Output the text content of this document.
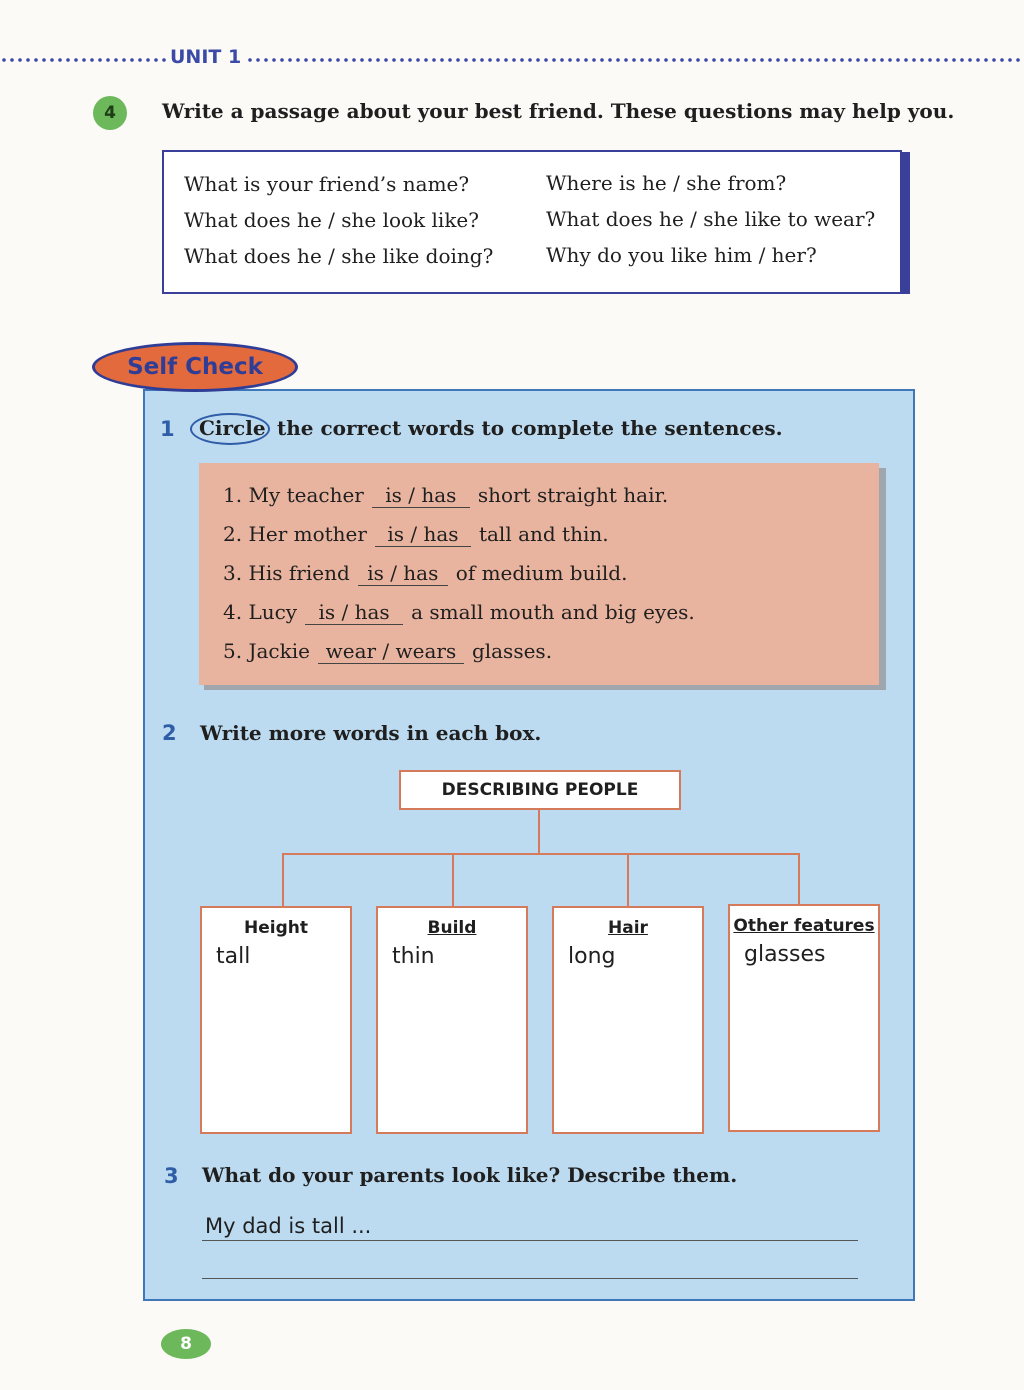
UNIT 1
4	Write a passage about your best friend. These questions may help you.
What is your friend’s name?
What does he / she look like?
What does he / she like doing?
Where is he / she from?
What does he / she like to wear?
Why do you like him / her?
Self Check
1 Circle the correct words to complete the sentences.
1. My teacher	is / has	short straight hair.
2. Her mother	is / has	tall and thin.
3. His friend is / has of medium build.
4. Lucy	is / has	a small mouth and big eyes.
5. Jackie wear / wears glasses.
2 Write more words in each box.
DESCRIBING PEOPLE
Height
tall
Build
thin
Hair
long
Other features
glasses
3 What do your parents look like? Describe them.
My dad is tall ...
8
